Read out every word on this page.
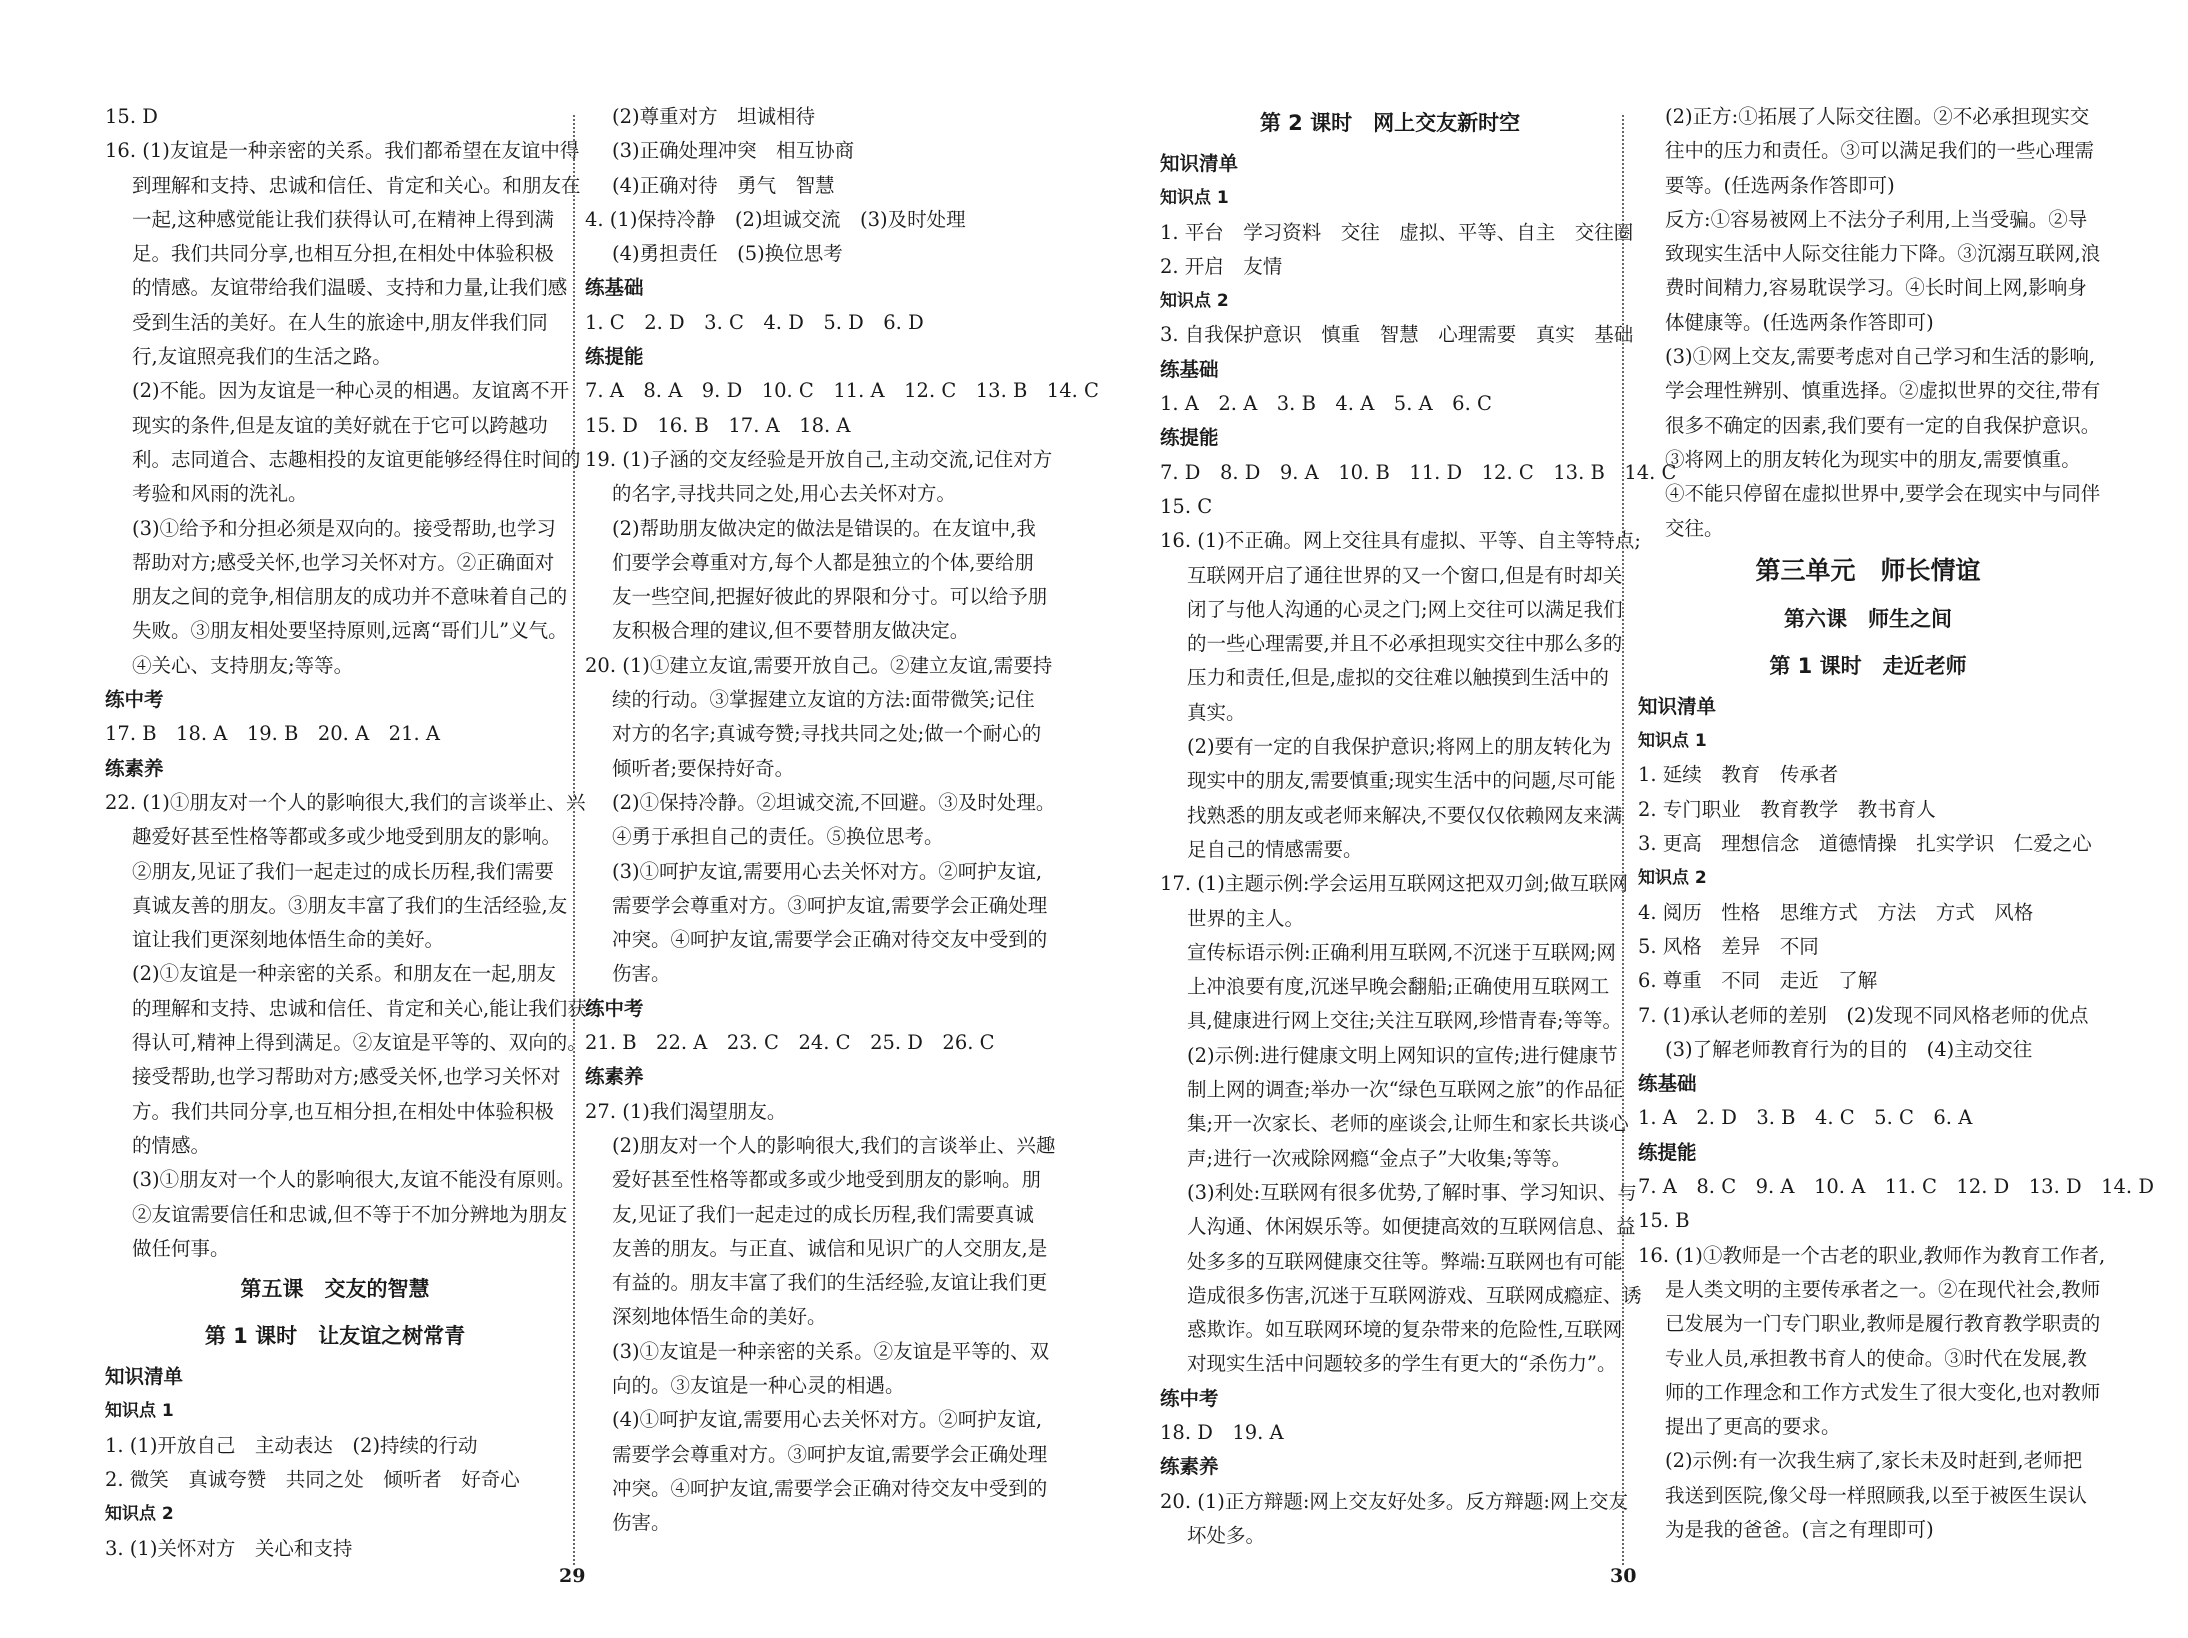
15. D
16. (1)友谊是一种亲密的关系。我们都希望在友谊中得
到理解和支持、忠诚和信任、肯定和关心。和朋友在
一起,这种感觉能让我们获得认可,在精神上得到满
足。我们共同分享,也相互分担,在相处中体验积极
的情感。友谊带给我们温暖、支持和力量,让我们感
受到生活的美好。在人生的旅途中,朋友伴我们同
行,友谊照亮我们的生活之路。
(2)不能。因为友谊是一种心灵的相遇。友谊离不开
现实的条件,但是友谊的美好就在于它可以跨越功
利。志同道合、志趣相投的友谊更能够经得住时间的
考验和风雨的洗礼。
(3)①给予和分担必须是双向的。接受帮助,也学习
帮助对方;感受关怀,也学习关怀对方。②正确面对
朋友之间的竞争,相信朋友的成功并不意味着自己的
失败。③朋友相处要坚持原则,远离“哥们儿”义气。
④关心、支持朋友;等等。
练中考
17. B　18. A　19. B　20. A　21. A
练素养
22. (1)①朋友对一个人的影响很大,我们的言谈举止、兴
趣爱好甚至性格等都或多或少地受到朋友的影响。
②朋友,见证了我们一起走过的成长历程,我们需要
真诚友善的朋友。③朋友丰富了我们的生活经验,友
谊让我们更深刻地体悟生命的美好。
(2)①友谊是一种亲密的关系。和朋友在一起,朋友
的理解和支持、忠诚和信任、肯定和关心,能让我们获
得认可,精神上得到满足。②友谊是平等的、双向的。
接受帮助,也学习帮助对方;感受关怀,也学习关怀对
方。我们共同分享,也互相分担,在相处中体验积极
的情感。
(3)①朋友对一个人的影响很大,友谊不能没有原则。
②友谊需要信任和忠诚,但不等于不加分辨地为朋友
做任何事。
第五课　交友的智慧
第 1 课时　让友谊之树常青
知识清单
知识点 1
1. (1)开放自己　主动表达　(2)持续的行动
2. 微笑　真诚夸赞　共同之处　倾听者　好奇心
知识点 2
3. (1)关怀对方　关心和支持
(2)尊重对方　坦诚相待
(3)正确处理冲突　相互协商
(4)正确对待　勇气　智慧
4. (1)保持冷静　(2)坦诚交流　(3)及时处理
(4)勇担责任　(5)换位思考
练基础
1. C　2. D　3. C　4. D　5. D　6. D
练提能
7. A　8. A　9. D　10. C　11. A　12. C　13. B　14. C
15. D　16. B　17. A　18. A
19. (1)子涵的交友经验是开放自己,主动交流,记住对方
的名字,寻找共同之处,用心去关怀对方。
(2)帮助朋友做决定的做法是错误的。在友谊中,我
们要学会尊重对方,每个人都是独立的个体,要给朋
友一些空间,把握好彼此的界限和分寸。可以给予朋
友积极合理的建议,但不要替朋友做决定。
20. (1)①建立友谊,需要开放自己。②建立友谊,需要持
续的行动。③掌握建立友谊的方法:面带微笑;记住
对方的名字;真诚夸赞;寻找共同之处;做一个耐心的
倾听者;要保持好奇。
(2)①保持冷静。②坦诚交流,不回避。③及时处理。
④勇于承担自己的责任。⑤换位思考。
(3)①呵护友谊,需要用心去关怀对方。②呵护友谊,
需要学会尊重对方。③呵护友谊,需要学会正确处理
冲突。④呵护友谊,需要学会正确对待交友中受到的
伤害。
练中考
21. B　22. A　23. C　24. C　25. D　26. C
练素养
27. (1)我们渴望朋友。
(2)朋友对一个人的影响很大,我们的言谈举止、兴趣
爱好甚至性格等都或多或少地受到朋友的影响。朋
友,见证了我们一起走过的成长历程,我们需要真诚
友善的朋友。与正直、诚信和见识广的人交朋友,是
有益的。朋友丰富了我们的生活经验,友谊让我们更
深刻地体悟生命的美好。
(3)①友谊是一种亲密的关系。②友谊是平等的、双
向的。③友谊是一种心灵的相遇。
(4)①呵护友谊,需要用心去关怀对方。②呵护友谊,
需要学会尊重对方。③呵护友谊,需要学会正确处理
冲突。④呵护友谊,需要学会正确对待交友中受到的
伤害。
第 2 课时　网上交友新时空
知识清单
知识点 1
1. 平台　学习资料　交往　虚拟、平等、自主　交往圈
2. 开启　友情
知识点 2
3. 自我保护意识　慎重　智慧　心理需要　真实　基础
练基础
1. A　2. A　3. B　4. A　5. A　6. C
练提能
7. D　8. D　9. A　10. B　11. D　12. C　13. B　14. C
15. C
16. (1)不正确。网上交往具有虚拟、平等、自主等特点;
互联网开启了通往世界的又一个窗口,但是有时却关
闭了与他人沟通的心灵之门;网上交往可以满足我们
的一些心理需要,并且不必承担现实交往中那么多的
压力和责任,但是,虚拟的交往难以触摸到生活中的
真实。
(2)要有一定的自我保护意识;将网上的朋友转化为
现实中的朋友,需要慎重;现实生活中的问题,尽可能
找熟悉的朋友或老师来解决,不要仅仅依赖网友来满
足自己的情感需要。
17. (1)主题示例:学会运用互联网这把双刃剑;做互联网
世界的主人。
宣传标语示例:正确利用互联网,不沉迷于互联网;网
上冲浪要有度,沉迷早晚会翻船;正确使用互联网工
具,健康进行网上交往;关注互联网,珍惜青春;等等。
(2)示例:进行健康文明上网知识的宣传;进行健康节
制上网的调查;举办一次“绿色互联网之旅”的作品征
集;开一次家长、老师的座谈会,让师生和家长共谈心
声;进行一次戒除网瘾“金点子”大收集;等等。
(3)利处:互联网有很多优势,了解时事、学习知识、与
人沟通、休闲娱乐等。如便捷高效的互联网信息、益
处多多的互联网健康交往等。弊端:互联网也有可能
造成很多伤害,沉迷于互联网游戏、互联网成瘾症、诱
惑欺诈。如互联网环境的复杂带来的危险性,互联网
对现实生活中问题较多的学生有更大的“杀伤力”。
练中考
18. D　19. A
练素养
20. (1)正方辩题:网上交友好处多。反方辩题:网上交友
坏处多。
(2)正方:①拓展了人际交往圈。②不必承担现实交
往中的压力和责任。③可以满足我们的一些心理需
要等。(任选两条作答即可)
反方:①容易被网上不法分子利用,上当受骗。②导
致现实生活中人际交往能力下降。③沉溺互联网,浪
费时间精力,容易耽误学习。④长时间上网,影响身
体健康等。(任选两条作答即可)
(3)①网上交友,需要考虑对自己学习和生活的影响,
学会理性辨别、慎重选择。②虚拟世界的交往,带有
很多不确定的因素,我们要有一定的自我保护意识。
③将网上的朋友转化为现实中的朋友,需要慎重。
④不能只停留在虚拟世界中,要学会在现实中与同伴
交往。
第三单元　师长情谊
第六课　师生之间
第 1 课时　走近老师
知识清单
知识点 1
1. 延续　教育　传承者
2. 专门职业　教育教学　教书育人
3. 更高　理想信念　道德情操　扎实学识　仁爱之心
知识点 2
4. 阅历　性格　思维方式　方法　方式　风格
5. 风格　差异　不同
6. 尊重　不同　走近　了解
7. (1)承认老师的差别　(2)发现不同风格老师的优点
(3)了解老师教育行为的目的　(4)主动交往
练基础
1. A　2. D　3. B　4. C　5. C　6. A
练提能
7. A　8. C　9. A　10. A　11. C　12. D　13. D　14. D
15. B
16. (1)①教师是一个古老的职业,教师作为教育工作者,
是人类文明的主要传承者之一。②在现代社会,教师
已发展为一门专门职业,教师是履行教育教学职责的
专业人员,承担教书育人的使命。③时代在发展,教
师的工作理念和工作方式发生了很大变化,也对教师
提出了更高的要求。
(2)示例:有一次我生病了,家长未及时赶到,老师把
我送到医院,像父母一样照顾我,以至于被医生误认
为是我的爸爸。(言之有理即可)
29	30
